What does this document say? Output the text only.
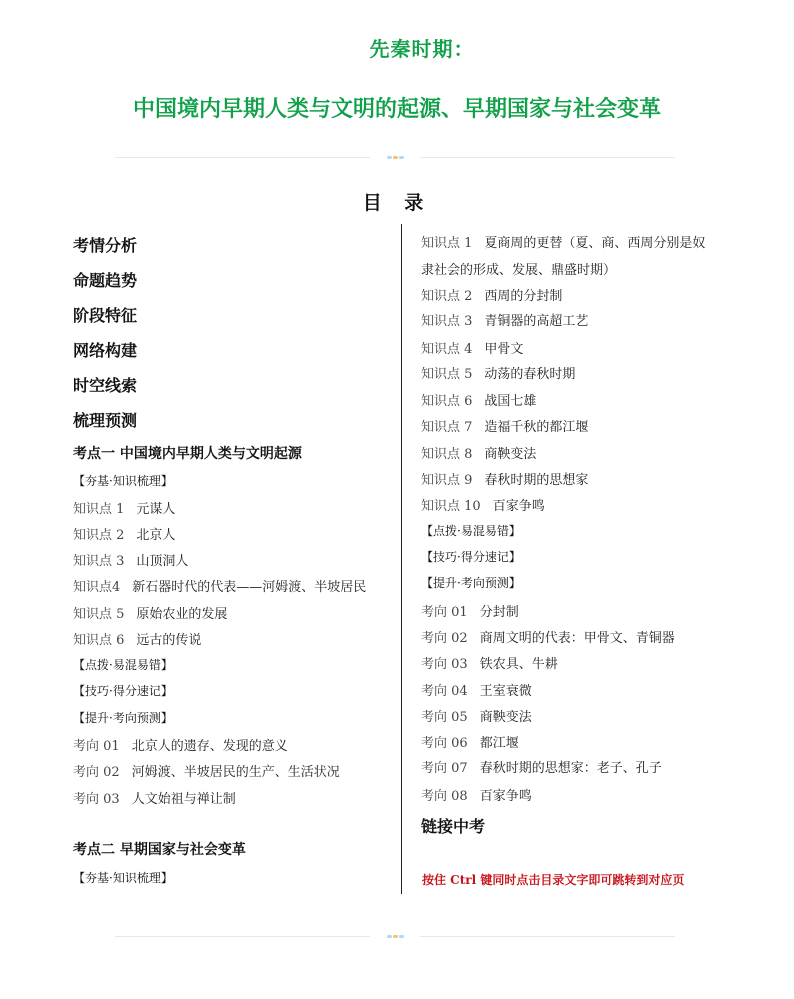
先秦时期：
中国境内早期人类与文明的起源、早期国家与社会变革
目 录
考情分析
命题趋势
阶段特征
网络构建
时空线索
梳理预测
考点一 中国境内早期人类与文明起源
【夯基·知识梳理】
知识点 1 元谋人
知识点 2 北京人
知识点 3 山顶洞人
知识点4 新石器时代的代表——河姆渡、半坡居民
知识点 5 原始农业的发展
知识点 6 远古的传说
【点拨·易混易错】
【技巧·得分速记】
【提升·考向预测】
考向 01 北京人的遗存、发现的意义
考向 02 河姆渡、半坡居民的生产、生活状况
考向 03 人文始祖与禅让制
考点二 早期国家与社会变革
【夯基·知识梳理】
知识点 1 夏商周的更替（夏、商、西周分别是奴
隶社会的形成、发展、鼎盛时期）
知识点 2 西周的分封制
知识点 3 青铜器的高超工艺
知识点 4 甲骨文
知识点 5 动荡的春秋时期
知识点 6 战国七雄
知识点 7 造福千秋的都江堰
知识点 8 商鞅变法
知识点 9 春秋时期的思想家
知识点 10 百家争鸣
【点拨·易混易错】
【技巧·得分速记】
【提升·考向预测】
考向 01 分封制
考向 02 商周文明的代表：甲骨文、青铜器
考向 03 铁农具、牛耕
考向 04 王室衰微
考向 05 商鞅变法
考向 06 都江堰
考向 07 春秋时期的思想家：老子、孔子
考向 08 百家争鸣
链接中考
按住 Ctrl 键同时点击目录文字即可跳转到对应页
